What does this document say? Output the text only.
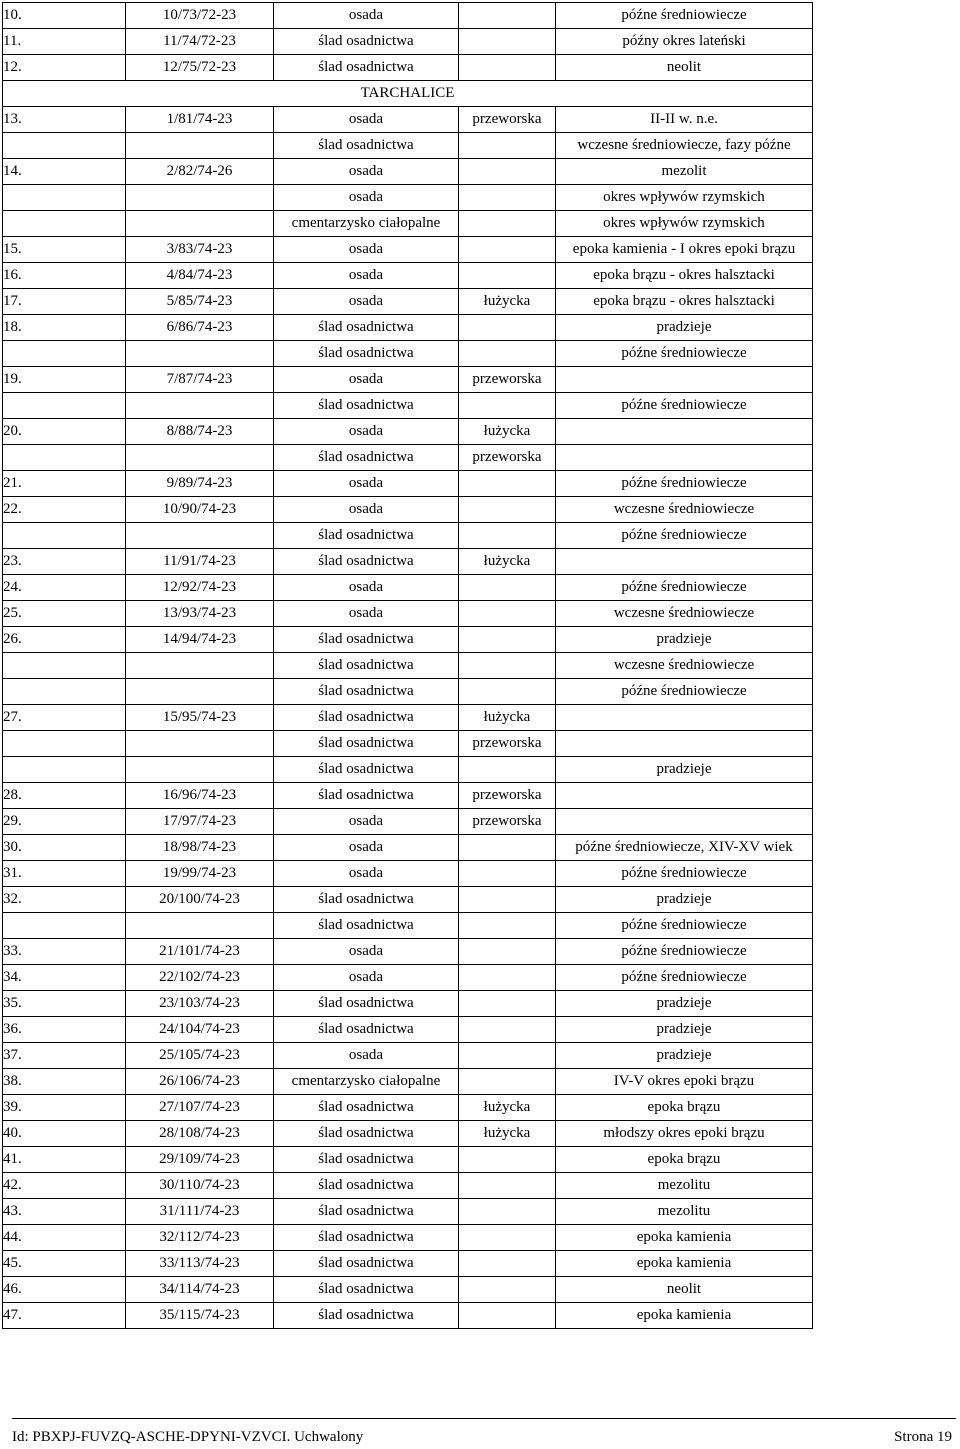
10.	10/73/72-23	osada		późne średniowiecze
11.	11/74/72-23	ślad osadnictwa		późny okres lateński
12.	12/75/72-23	ślad osadnictwa		neolit
TARCHALICE				
13.	1/81/74-23	osada	przeworska	II-II w. n.e.
		ślad osadnictwa		wczesne średniowiecze, fazy późne
14.	2/82/74-26	osada		mezolit
		osada		okres wpływów rzymskich
		cmentarzysko ciałopalne		okres wpływów rzymskich
15.	3/83/74-23	osada		epoka kamienia - I okres epoki brązu
16.	4/84/74-23	osada		epoka brązu - okres halsztacki
17.	5/85/74-23	osada	łużycka	epoka brązu - okres halsztacki
18.	6/86/74-23	ślad osadnictwa		pradzieje
		ślad osadnictwa		późne średniowiecze
19.	7/87/74-23	osada	przeworska	
		ślad osadnictwa		późne średniowiecze
20.	8/88/74-23	osada	łużycka	
		ślad osadnictwa	przeworska	
21.	9/89/74-23	osada		późne średniowiecze
22.	10/90/74-23	osada		wczesne średniowiecze
		ślad osadnictwa		późne średniowiecze
23.	11/91/74-23	ślad osadnictwa	łużycka	
24.	12/92/74-23	osada		późne średniowiecze
25.	13/93/74-23	osada		wczesne średniowiecze
26.	14/94/74-23	ślad osadnictwa		pradzieje
		ślad osadnictwa		wczesne średniowiecze
		ślad osadnictwa		późne średniowiecze
27.	15/95/74-23	ślad osadnictwa	łużycka	
		ślad osadnictwa	przeworska	
		ślad osadnictwa		pradzieje
28.	16/96/74-23	ślad osadnictwa	przeworska	
29.	17/97/74-23	osada	przeworska	
30.	18/98/74-23	osada		późne średniowiecze, XIV-XV wiek
31.	19/99/74-23	osada		późne średniowiecze
32.	20/100/74-23	ślad osadnictwa		pradzieje
		ślad osadnictwa		późne średniowiecze
33.	21/101/74-23	osada		późne średniowiecze
34.	22/102/74-23	osada		późne średniowiecze
35.	23/103/74-23	ślad osadnictwa		pradzieje
36.	24/104/74-23	ślad osadnictwa		pradzieje
37.	25/105/74-23	osada		pradzieje
38.	26/106/74-23	cmentarzysko ciałopalne		IV-V okres epoki brązu
39.	27/107/74-23	ślad osadnictwa	łużycka	epoka brązu
40.	28/108/74-23	ślad osadnictwa	łużycka	młodszy okres epoki brązu
41.	29/109/74-23	ślad osadnictwa		epoka brązu
42.	30/110/74-23	ślad osadnictwa		mezolitu
43.	31/111/74-23	ślad osadnictwa		mezolitu
44.	32/112/74-23	ślad osadnictwa		epoka kamienia
45.	33/113/74-23	ślad osadnictwa		epoka kamienia
46.	34/114/74-23	ślad osadnictwa		neolit
47.	35/115/74-23	ślad osadnictwa		epoka kamienia
Id: PBXPJ-FUVZQ-ASCHE-DPYNI-VZVCI. Uchwalony	Strona 19
